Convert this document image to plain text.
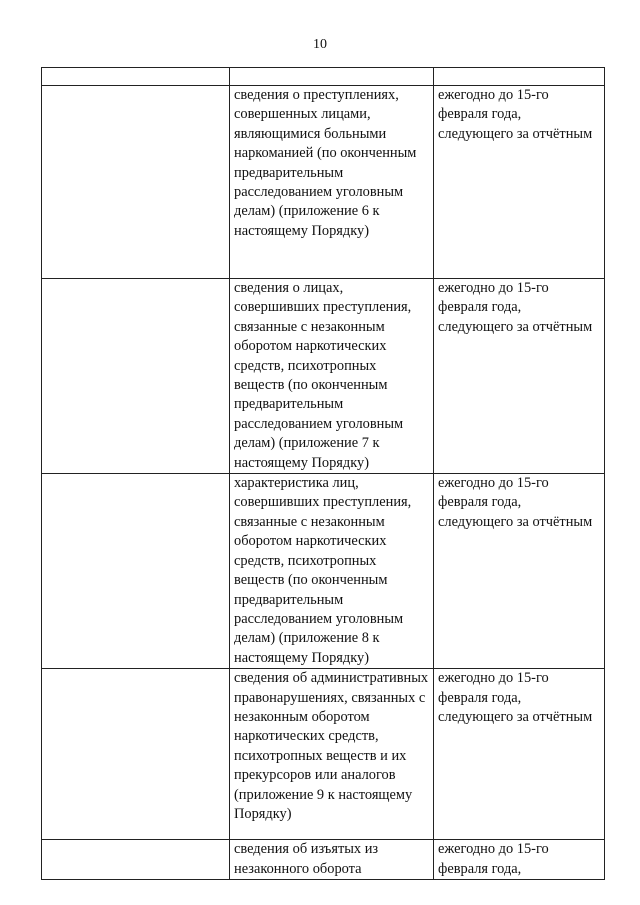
10

	сведения о преступлениях, совершенных лицами, являющимися больными наркоманией (по оконченным предварительным расследованием уголовным делам) (приложение 6 к настоящему Порядку)	ежегодно до 15-го февраля года, следующего за отчётным

	сведения о лицах, совершивших преступления, связанные с незаконным оборотом наркотических средств, психотропных веществ (по оконченным предварительным расследованием уголовным делам) (приложение 7 к настоящему Порядку)	ежегодно до 15-го февраля года, следующего за отчётным

	характеристика лиц, совершивших преступления, связанные с незаконным оборотом наркотических средств, психотропных веществ (по оконченным предварительным расследованием уголовным делам) (приложение 8 к настоящему Порядку)	ежегодно до 15-го февраля года, следующего за отчётным

	сведения об административных правонарушениях, связанных с незаконным оборотом наркотических средств, психотропных веществ и их прекурсоров или аналогов (приложение 9 к настоящему Порядку)	ежегодно до 15-го февраля года, следующего за отчётным

	сведения об изъятых из незаконного оборота	ежегодно до 15-го февраля года,
